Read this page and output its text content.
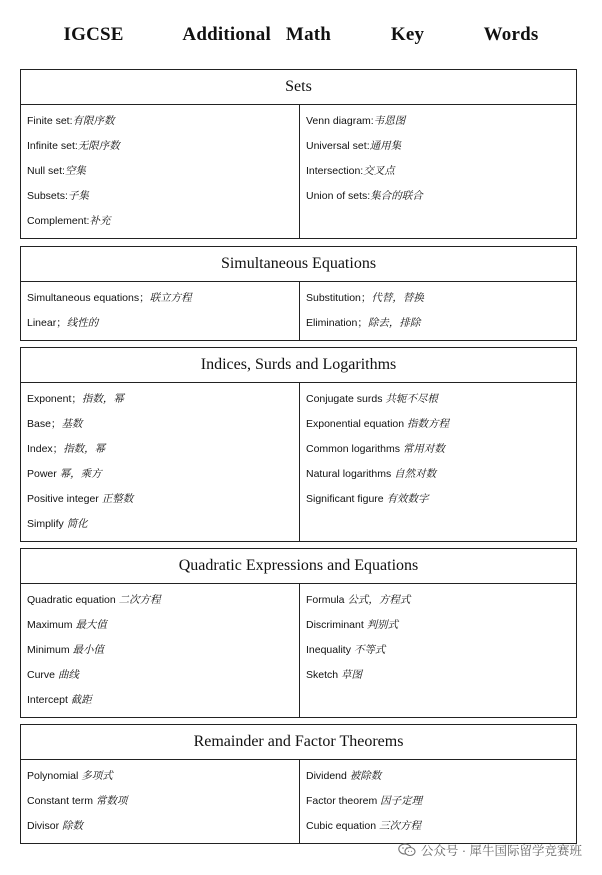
IGCSE    Additional Math    Key    Words
Sets
Finite set:有限序数
Infinite set:无限序数
Null set:空集
Subsets:子集
Complement:补充
Venn diagram:韦恩图
Universal set:通用集
Intersection:交叉点
Union of sets:集合的联合
Simultaneous Equations
Simultaneous equations；联立方程
Linear；线性的
Substitution；代替，替换
Elimination；除去，排除
Indices, Surds and Logarithms
Exponent；指数，幂
Base；基数
Index；指数，幂
Power 幂，乘方
Positive integer 正整数
Simplify 简化
Conjugate surds 共轭不尽根
Exponential equation 指数方程
Common logarithms 常用对数
Natural logarithms 自然对数
Significant figure 有效数字
Quadratic Expressions and Equations
Quadratic equation 二次方程
Maximum 最大值
Minimum 最小值
Curve 曲线
Intercept 截距
Formula 公式，方程式
Discriminant 判别式
Inequality 不等式
Sketch 草图
Remainder and Factor Theorems
Polynomial 多项式
Constant term 常数项
Divisor 除数
Dividend 被除数
Factor theorem 因子定理
Cubic equation 三次方程
公众号 · 犀牛国际留学竞赛班
